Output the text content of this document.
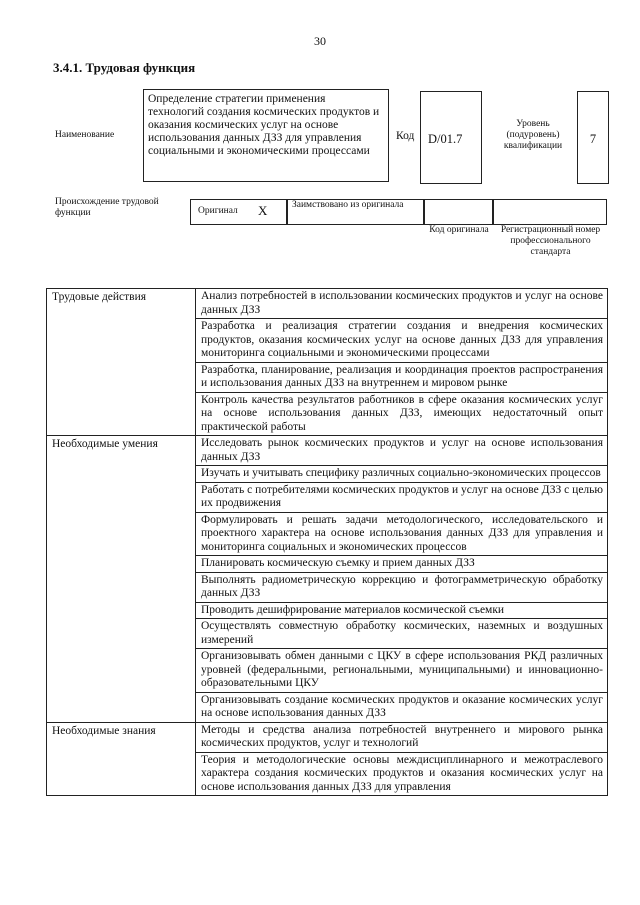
30
3.4.1. Трудовая функция
Наименование
Определение стратегии применения технологий создания космических продуктов и оказания космических услуг на основе использования данных ДЗЗ для управления социальными и экономическими процессами
Код	D/01.7
Уровень (подуровень) квалификации	7
Происхождение трудовой функции	Оригинал Х	Заимствовано из оригинала
Код оригинала	Регистрационный номер профессионального стандарта
Трудовые действия	Анализ потребностей в использовании космических продуктов и услуг на основе данных ДЗЗ
	Разработка и реализация стратегии создания и внедрения космических продуктов, оказания космических услуг на основе данных ДЗЗ для управления мониторинга социальными и экономическими процессами
	Разработка, планирование, реализация и координация проектов распространения и использования данных ДЗЗ на внутреннем и мировом рынке
	Контроль качества результатов работников в сфере оказания космических услуг на основе использования данных ДЗЗ, имеющих недостаточный опыт практической работы
Необходимые умения	Исследовать рынок космических продуктов и услуг на основе использования данных ДЗЗ
	Изучать и учитывать специфику различных социально-экономических процессов
	Работать с потребителями космических продуктов и услуг на основе ДЗЗ с целью их продвижения
	Формулировать и решать задачи методологического, исследовательского и проектного характера на основе использования данных ДЗЗ для управления и мониторинга социальных и экономических процессов
	Планировать космическую съемку и прием данных ДЗЗ
	Выполнять радиометрическую коррекцию и фотограмметрическую обработку данных ДЗЗ
	Проводить дешифрирование материалов космической съемки
	Осуществлять совместную обработку космических, наземных и воздушных измерений
	Организовывать обмен данными с ЦКУ в сфере использования РКД различных уровней (федеральными, региональными, муниципальными) и инновационно-образовательными ЦКУ
	Организовывать создание космических продуктов и оказание космических услуг на основе использования данных ДЗЗ
Необходимые знания	Методы и средства анализа потребностей внутреннего и мирового рынка космических продуктов, услуг и технологий
	Теория и методологические основы междисциплинарного и межотраслевого характера создания космических продуктов и оказания космических услуг на основе использования данных ДЗЗ для управления
